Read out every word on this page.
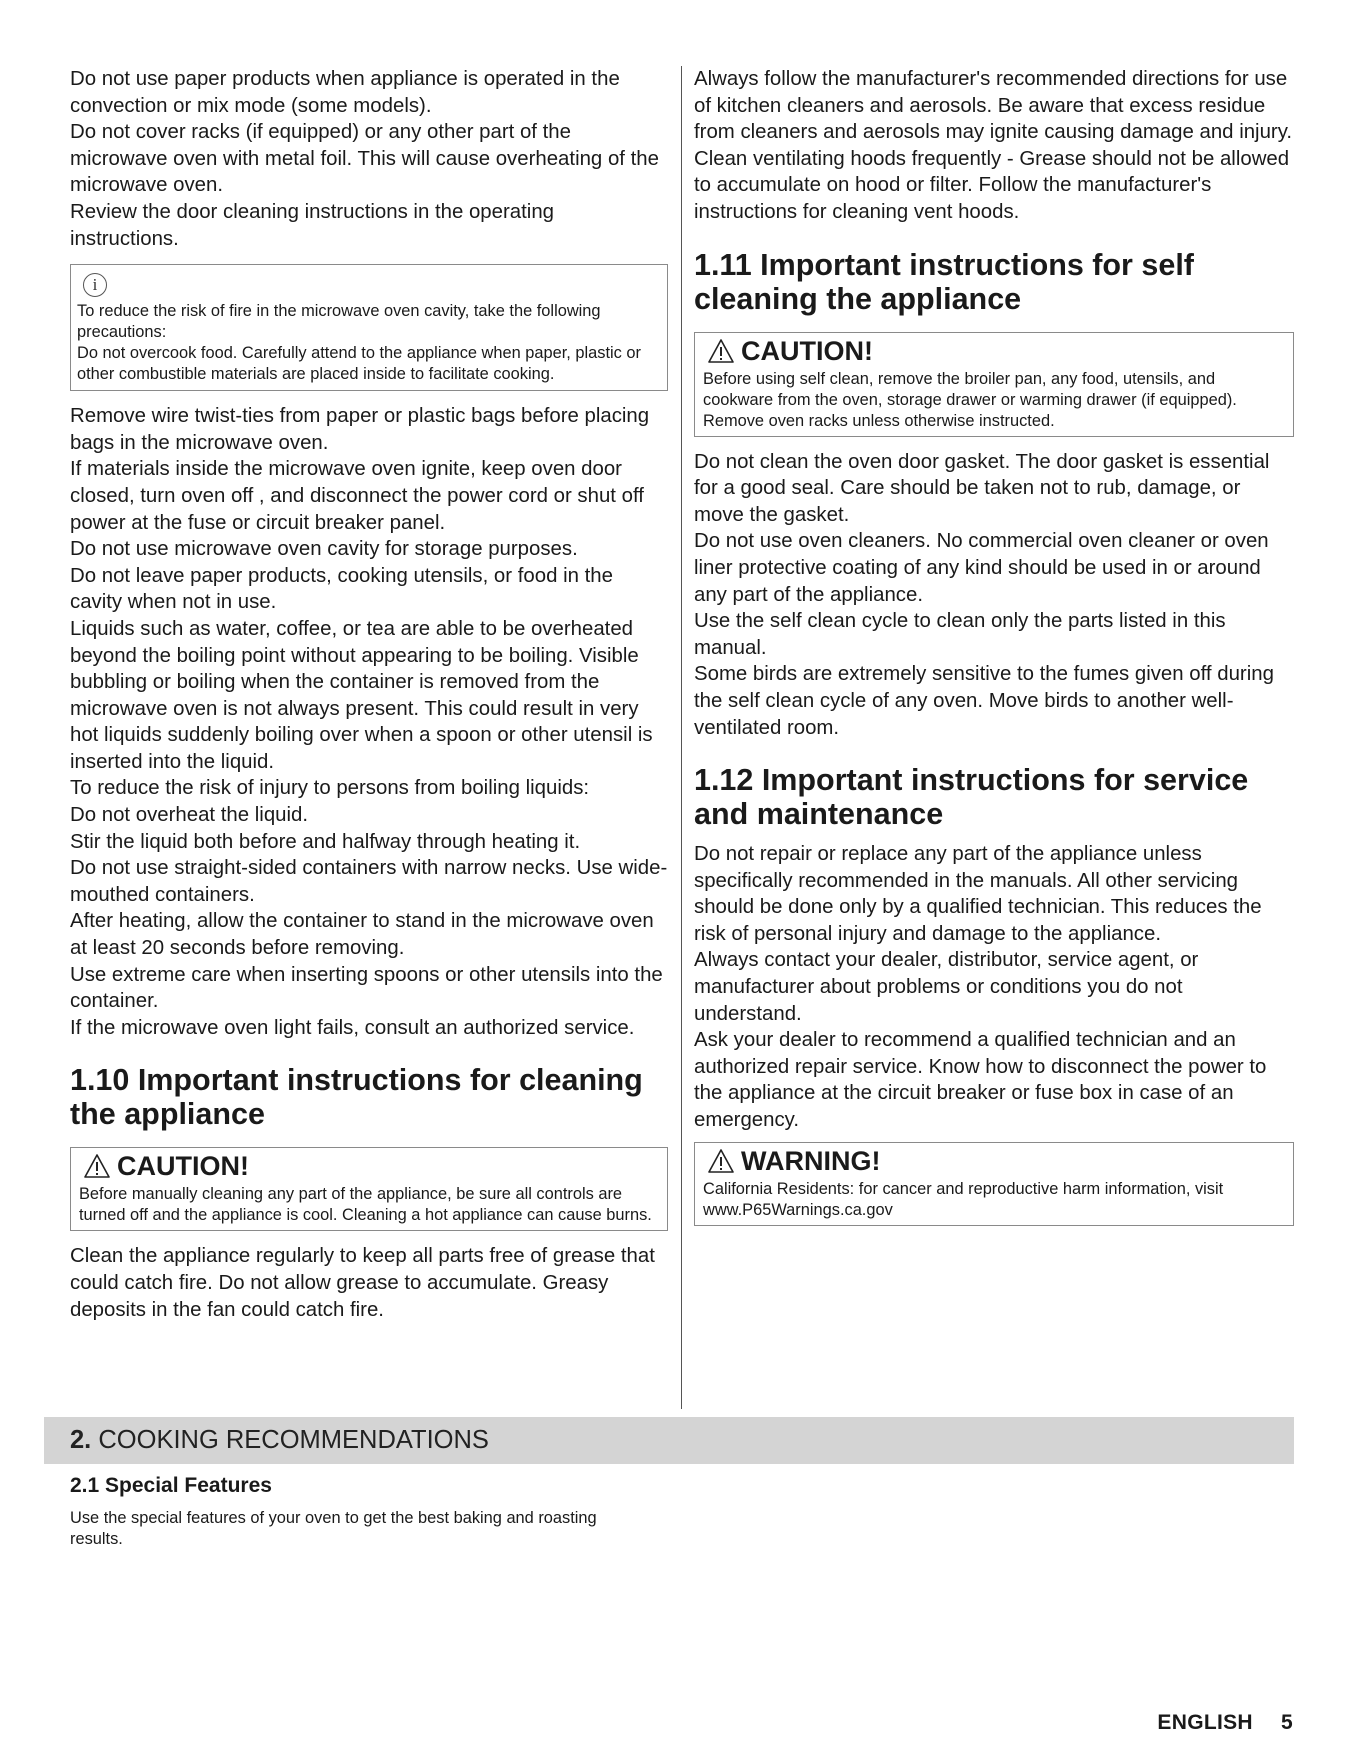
Do not use paper products when appliance is operated in the convection or mix mode (some models).

Do not cover racks (if equipped) or any other part of the microwave oven with metal foil. This will cause overheating of the microwave oven.

Review the door cleaning instructions in the operating instructions.

i

To reduce the risk of fire in the microwave oven cavity, take the following precautions:

Do not overcook food. Carefully attend to the appliance when paper, plastic or other combustible materials are placed inside to facilitate cooking.

Remove wire twist-ties from paper or plastic bags before placing bags in the microwave oven.

If materials inside the microwave oven ignite, keep oven door closed, turn oven off , and disconnect the power cord or shut off power at the fuse or circuit breaker panel.

Do not use microwave oven cavity for storage purposes.

Do not leave paper products, cooking utensils, or food in the cavity when not in use.

Liquids such as water, coffee, or tea are able to be overheated beyond the boiling point without appearing to be boiling. Visible bubbling or boiling when the container is removed from the microwave oven is not always present. This could result in very hot liquids suddenly boiling over when a spoon or other utensil is inserted into the liquid.

To reduce the risk of injury to persons from boiling liquids:

Do not overheat the liquid.

Stir the liquid both before and halfway through heating it.

Do not use straight-sided containers with narrow necks. Use wide-mouthed containers.

After heating, allow the container to stand in the microwave oven at least 20 seconds before removing.

Use extreme care when inserting spoons or other utensils into the container.

If the microwave oven light fails, consult an authorized service.

1.10 Important instructions for cleaning the appliance
CAUTION!

Before manually cleaning any part of the appliance, be sure all controls are turned off and the appliance is cool. Cleaning a hot appliance can cause burns.

Clean the appliance regularly to keep all parts free of grease that could catch fire. Do not allow grease to accumulate. Greasy deposits in the fan could catch fire.

Always follow the manufacturer's recommended directions for use of kitchen cleaners and aerosols. Be aware that excess residue from cleaners and aerosols may ignite causing damage and injury.

Clean ventilating hoods frequently - Grease should not be allowed to accumulate on hood or filter. Follow the manufacturer's instructions for cleaning vent hoods.

1.11 Important instructions for self cleaning the appliance
CAUTION!

Before using self clean, remove the broiler pan, any food, utensils, and cookware from the oven, storage drawer or warming drawer (if equipped). Remove oven racks unless otherwise instructed.

Do not clean the oven door gasket. The door gasket is essential for a good seal. Care should be taken not to rub, damage, or move the gasket.

Do not use oven cleaners. No commercial oven cleaner or oven liner protective coating of any kind should be used in or around any part of the appliance.

Use the self clean cycle to clean only the parts listed in this manual.

Some birds are extremely sensitive to the fumes given off during the self clean cycle of any oven. Move birds to another well-ventilated room.

1.12 Important instructions for service and maintenance

Do not repair or replace any part of the appliance unless specifically recommended in the manuals. All other servicing should be done only by a qualified technician. This reduces the risk of personal injury and damage to the appliance.

Always contact your dealer, distributor, service agent, or manufacturer about problems or conditions you do not understand.

Ask your dealer to recommend a qualified technician and an authorized repair service. Know how to disconnect the power to the appliance at the circuit breaker or fuse box in case of an emergency.

WARNING!

California Residents: for cancer and reproductive harm information, visit www.P65Warnings.ca.gov

2. COOKING RECOMMENDATIONS
2.1 Special Features
Use the special features of your oven to get the best baking and roasting results.
ENGLISH 5
